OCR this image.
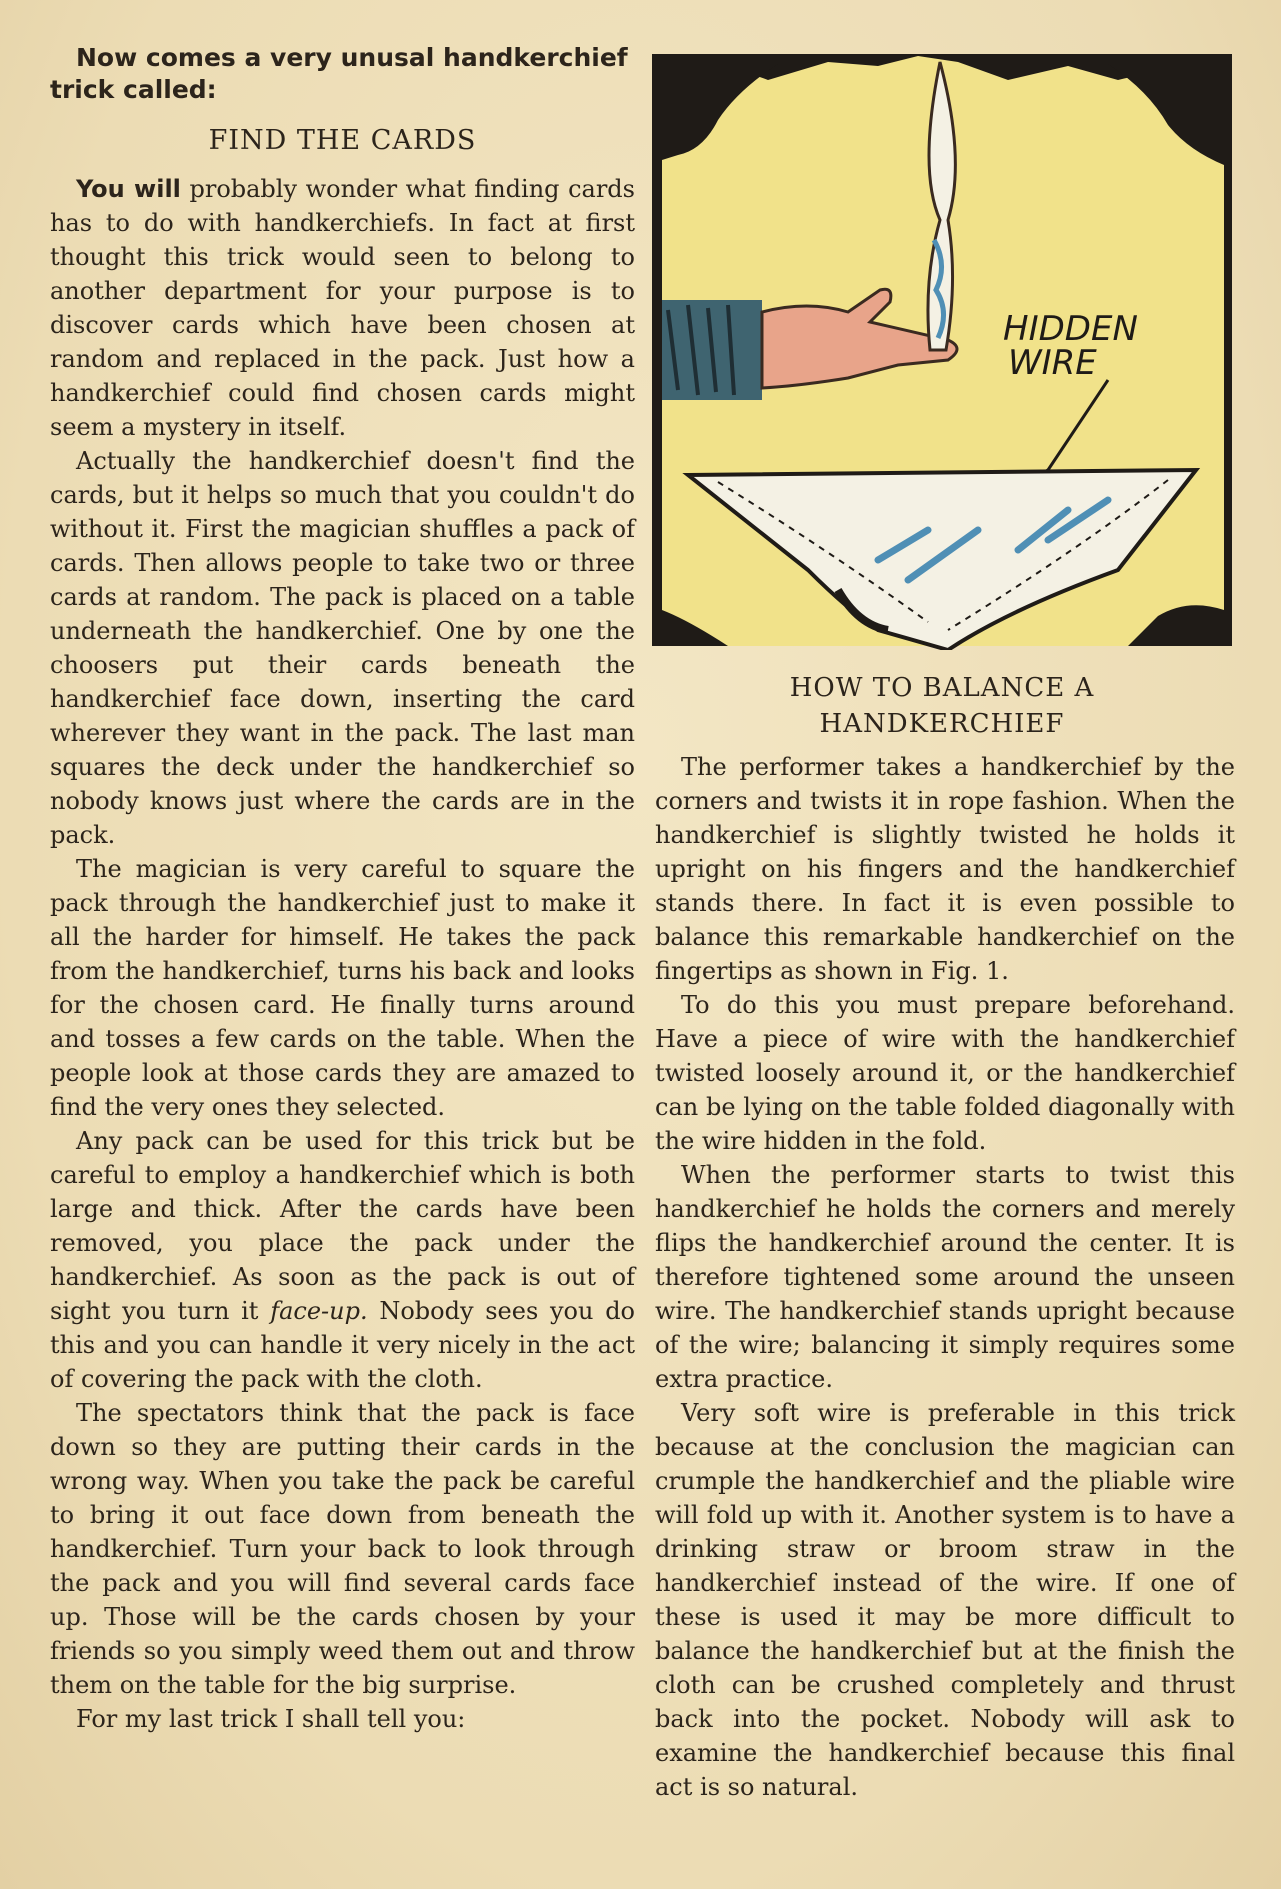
Now comes a very unusal handkerchief trick called:
FIND THE CARDS

You will probably wonder what finding cards has to do with handkerchiefs. In fact at first thought this trick would seen to belong to another department for your purpose is to discover cards which have been chosen at random and replaced in the pack. Just how a handkerchief could find chosen cards might seem a mystery in itself.

Actually the handkerchief doesn't find the cards, but it helps so much that you couldn't do without it. First the magician shuffles a pack of cards. Then allows people to take two or three cards at random. The pack is placed on a table underneath the handkerchief. One by one the choosers put their cards beneath the handkerchief face down, inserting the card wherever they want in the pack. The last man squares the deck under the handkerchief so nobody knows just where the cards are in the pack.

The magician is very careful to square the pack through the handkerchief just to make it all the harder for himself. He takes the pack from the handkerchief, turns his back and looks for the chosen card. He finally turns around and tosses a few cards on the table. When the people look at those cards they are amazed to find the very ones they selected.

Any pack can be used for this trick but be careful to employ a handkerchief which is both large and thick. After the cards have been removed, you place the pack under the handkerchief. As soon as the pack is out of sight you turn it face-up. Nobody sees you do this and you can handle it very nicely in the act of covering the pack with the cloth.

The spectators think that the pack is face down so they are putting their cards in the wrong way. When you take the pack be careful to bring it out face down from beneath the handkerchief. Turn your back to look through the pack and you will find several cards face up. Those will be the cards chosen by your friends so you simply weed them out and throw them on the table for the big surprise.

For my last trick I shall tell you:

HIDDEN
WIRE
HOW TO BALANCE A
HANDKERCHIEF

The performer takes a handkerchief by the corners and twists it in rope fashion. When the handkerchief is slightly twisted he holds it upright on his fingers and the handkerchief stands there. In fact it is even possible to balance this remarkable handkerchief on the fingertips as shown in Fig. 1.

To do this you must prepare beforehand. Have a piece of wire with the handkerchief twisted loosely around it, or the handkerchief can be lying on the table folded diagonally with the wire hidden in the fold.

When the performer starts to twist this handkerchief he holds the corners and merely flips the handkerchief around the center. It is therefore tightened some around the unseen wire. The handkerchief stands upright because of the wire; balancing it simply requires some extra practice.

Very soft wire is preferable in this trick because at the conclusion the magician can crumple the handkerchief and the pliable wire will fold up with it. Another system is to have a drinking straw or broom straw in the handkerchief instead of the wire. If one of these is used it may be more difficult to balance the handkerchief but at the finish the cloth can be crushed completely and thrust back into the pocket. Nobody will ask to examine the handkerchief because this final act is so natural.
